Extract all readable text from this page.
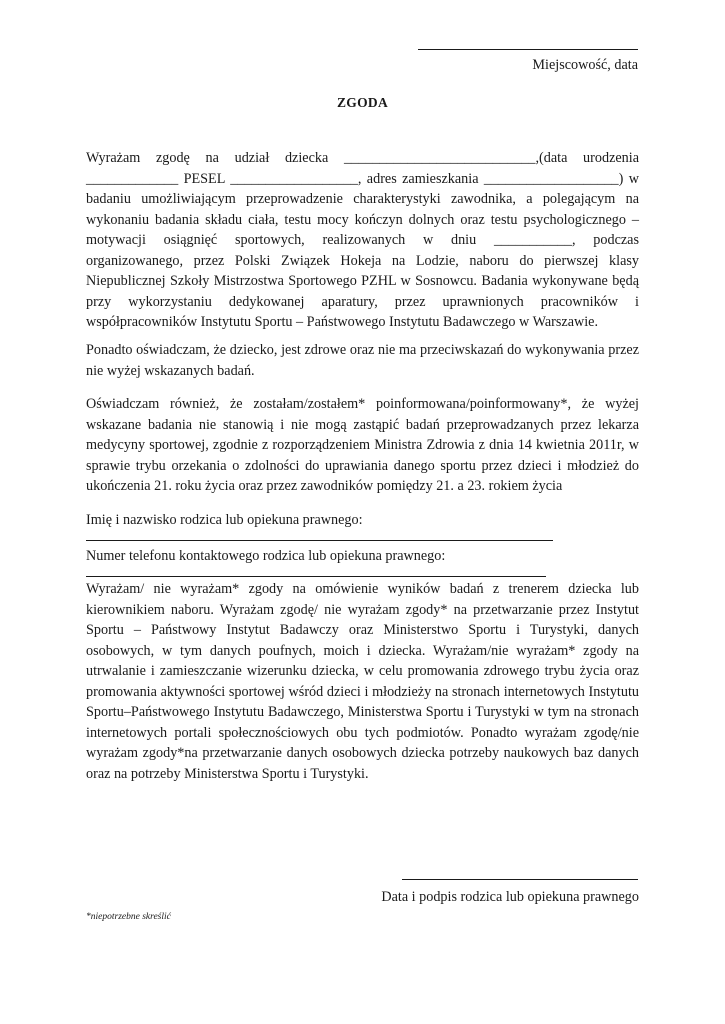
Miejscowość, data
ZGODA

Wyrażam zgodę na udział dziecka ___________________________,(data urodzenia _____________ PESEL __________________, adres zamieszkania ___________________) w badaniu umożliwiającym przeprowadzenie charakterystyki zawodnika, a polegającym na wykonaniu badania składu ciała, testu mocy kończyn dolnych oraz testu psychologicznego – motywacji osiągnięć sportowych, realizowanych w dniu ___________, podczas organizowanego, przez Polski Związek Hokeja na Lodzie, naboru do pierwszej klasy Niepublicznej Szkoły Mistrzostwa Sportowego PZHL w Sosnowcu. Badania wykonywane będą przy wykorzystaniu dedykowanej aparatury, przez uprawnionych pracowników i współpracowników Instytutu Sportu – Państwowego Instytutu Badawczego w Warszawie.

Ponadto oświadczam, że dziecko, jest zdrowe oraz nie ma przeciwskazań do wykonywania przez nie wyżej wskazanych badań.

Oświadczam również, że zostałam/zostałem* poinformowana/poinformowany*, że wyżej wskazane badania nie stanowią i nie mogą zastąpić badań przeprowadzanych przez lekarza medycyny sportowej, zgodnie z rozporządzeniem Ministra Zdrowia z dnia 14 kwietnia 2011r, w sprawie trybu orzekania o zdolności do uprawiania danego sportu przez dzieci i młodzież do ukończenia 21. roku życia oraz przez zawodników pomiędzy 21. a 23. rokiem życia

Imię i nazwisko rodzica lub opiekuna prawnego:

Numer telefonu kontaktowego rodzica lub opiekuna prawnego:

Wyrażam/ nie wyrażam* zgody na omówienie wyników badań z trenerem dziecka lub kierownikiem naboru. Wyrażam zgodę/ nie wyrażam zgody* na przetwarzanie przez Instytut Sportu – Państwowy Instytut Badawczy oraz Ministerstwo Sportu i Turystyki, danych osobowych, w tym danych poufnych, moich i dziecka. Wyrażam/nie wyrażam* zgody na utrwalanie i zamieszczanie wizerunku dziecka, w celu promowania zdrowego trybu życia oraz promowania aktywności sportowej wśród dzieci i młodzieży na stronach internetowych Instytutu Sportu–Państwowego Instytutu Badawczego, Ministerstwa Sportu i Turystyki w tym na stronach internetowych portali społecznościowych obu tych podmiotów. Ponadto wyrażam zgodę/nie wyrażam zgody*na przetwarzanie danych osobowych dziecka potrzeby naukowych baz danych oraz na potrzeby Ministerstwa Sportu i Turystyki.

Data i podpis rodzica lub opiekuna prawnego
*niepotrzebne skreślić
